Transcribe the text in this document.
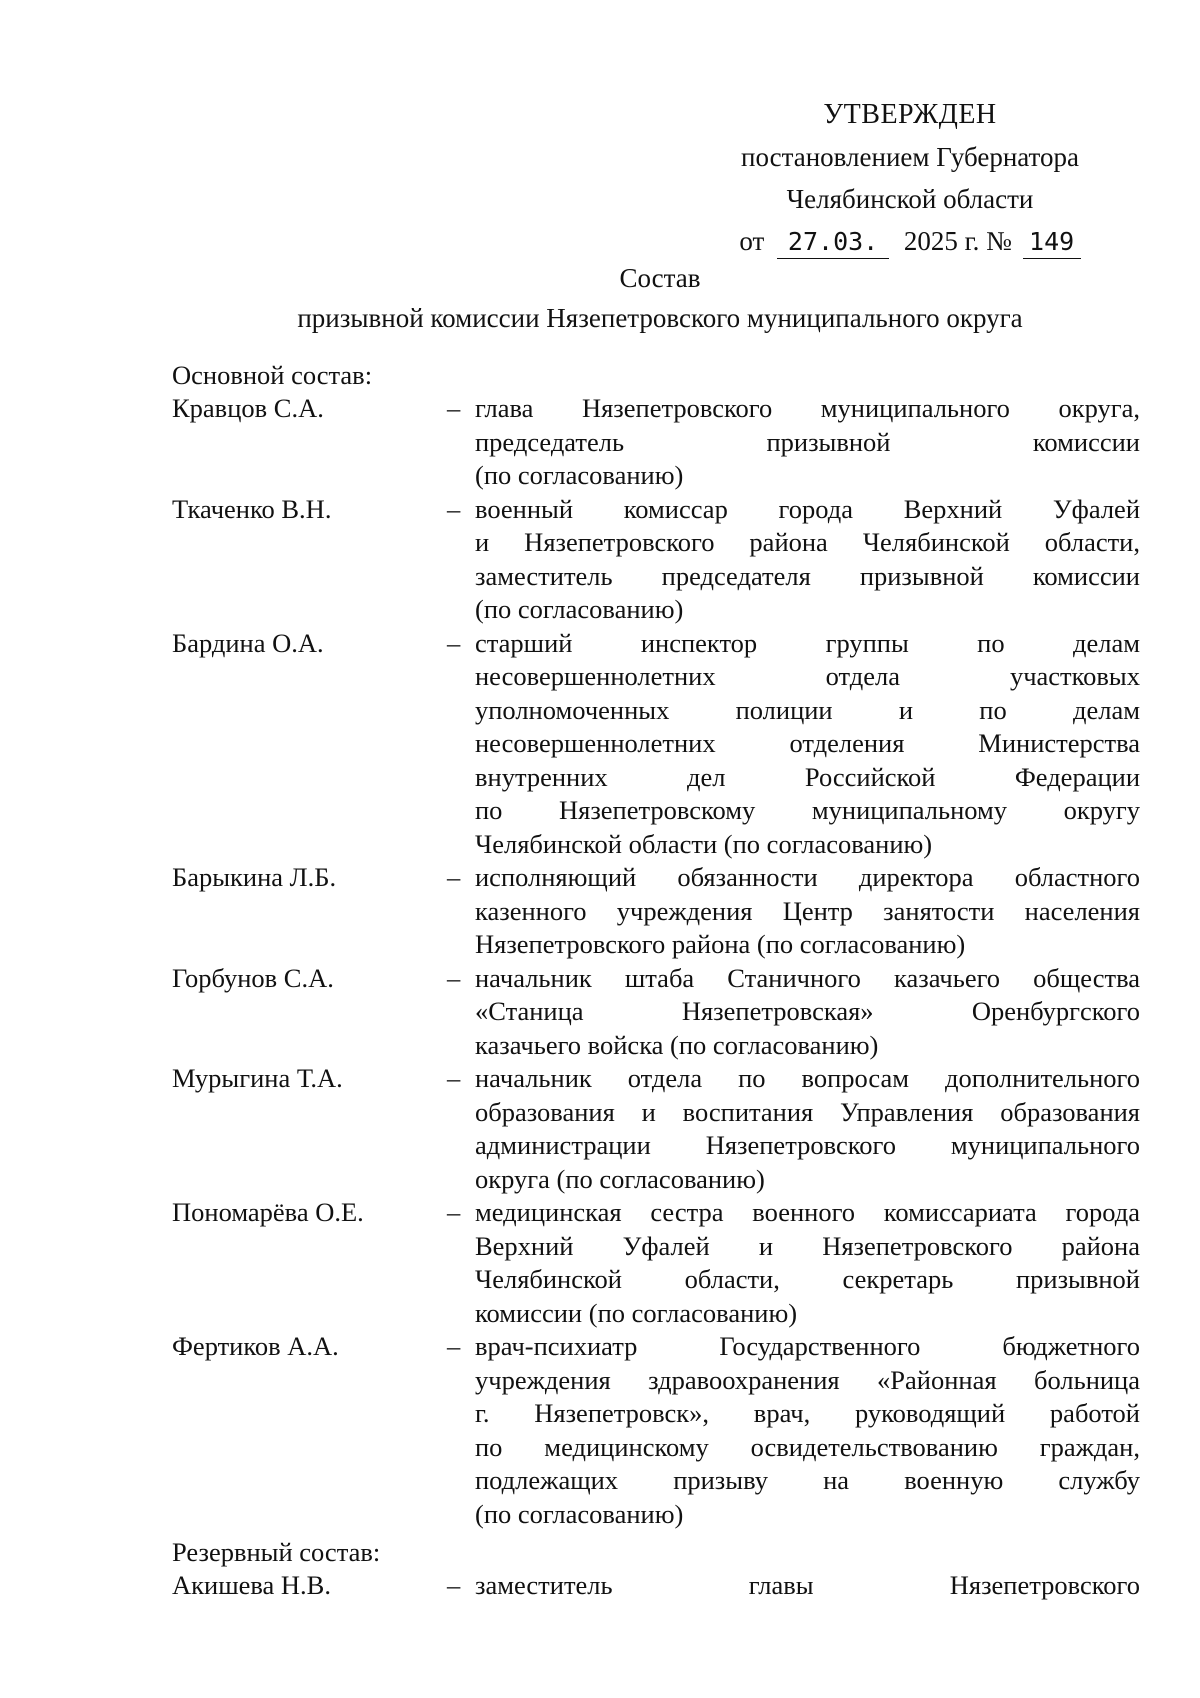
УТВЕРЖДЕН
постановлением Губернатора
Челябинской области
от 27.03. 2025 г. № 149
Состав
призывной комиссии Нязепетровского муниципального округа
Основной состав:
Кравцов С.А.	– глава Нязепетровского муниципального округа,
председатель призывной комиссии
(по согласованию)
Ткаченко В.Н.	– военный комиссар города Верхний Уфалей
и Нязепетровского района Челябинской области,
заместитель председателя призывной комиссии
(по согласованию)
Бардина О.А.	– старший инспектор группы по делам
несовершеннолетних отдела участковых
уполномоченных полиции и по делам
несовершеннолетних отделения Министерства
внутренних дел Российской Федерации
по Нязепетровскому муниципальному округу
Челябинской области (по согласованию)
Барыкина Л.Б.	– исполняющий обязанности директора областного
казенного учреждения Центр занятости населения
Нязепетровского района (по согласованию)
Горбунов С.А.	– начальник штаба Станичного казачьего общества
«Станица Нязепетровская» Оренбургского
казачьего войска (по согласованию)
Мурыгина Т.А.	– начальник отдела по вопросам дополнительного
образования и воспитания Управления образования
администрации Нязепетровского муниципального
округа (по согласованию)
Пономарёва О.Е.	– медицинская сестра военного комиссариата города
Верхний Уфалей и Нязепетровского района
Челябинской области, секретарь призывной
комиссии (по согласованию)
Фертиков А.А.	– врач-психиатр Государственного бюджетного
учреждения здравоохранения «Районная больница
г. Нязепетровск», врач, руководящий работой
по медицинскому освидетельствованию граждан,
подлежащих призыву на военную службу
(по согласованию)
Резервный состав:
Акишева Н.В.	– заместитель главы Нязепетровского
